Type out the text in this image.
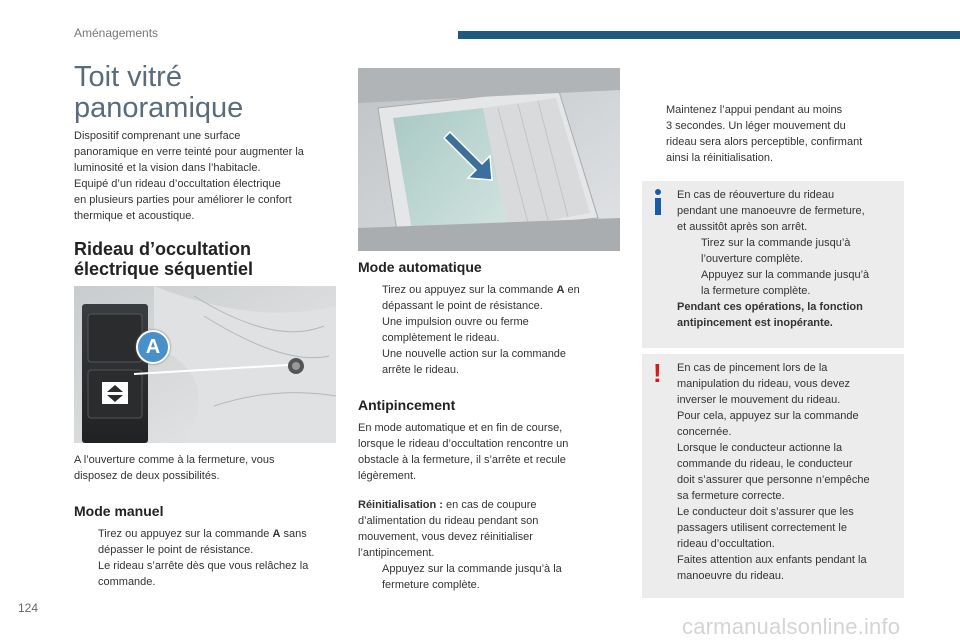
Aménagements
124
carmanualsonline.info
Toit vitré
panoramique

Dispositif comprenant une surface

panoramique en verre teinté pour augmenter la

luminosité et la vision dans l’habitacle.

Equipé d’un rideau d’occultation électrique

en plusieurs parties pour améliorer le confort

thermique et acoustique.

Rideau d’occultation
électrique séquentiel
A

A l’ouverture comme à la fermeture, vous

disposez de deux possibilités.

Mode manuel

Tirez ou appuyez sur la commande A sans

dépasser le point de résistance.

Le rideau s’arrête dès que vous relâchez la

commande.

Mode automatique

Tirez ou appuyez sur la commande A en

dépassant le point de résistance.

Une impulsion ouvre ou ferme

complètement le rideau.

Une nouvelle action sur la commande

arrête le rideau.

Antipincement

En mode automatique et en fin de course,

lorsque le rideau d’occultation rencontre un

obstacle à la fermeture, il s’arrête et recule

légèrement.

Réinitialisation : en cas de coupure

d’alimentation du rideau pendant son

mouvement, vous devez réinitialiser

l’antipincement.

Appuyez sur la commande jusqu’à la

fermeture complète.

Maintenez l’appui pendant au moins

3 secondes. Un léger mouvement du

rideau sera alors perceptible, confirmant

ainsi la réinitialisation.

En cas de réouverture du rideau

pendant une manoeuvre de fermeture,

et aussitôt après son arrêt.

Tirez sur la commande jusqu’à

l’ouverture complète.

Appuyez sur la commande jusqu’à

la fermeture complète.

Pendant ces opérations, la fonction

antipincement est inopérante.

! En cas de pincement lors de la

manipulation du rideau, vous devez

inverser le mouvement du rideau.

Pour cela, appuyez sur la commande

concernée.

Lorsque le conducteur actionne la

commande du rideau, le conducteur

doit s’assurer que personne n’empêche

sa fermeture correcte.

Le conducteur doit s’assurer que les

passagers utilisent correctement le

rideau d’occultation.

Faites attention aux enfants pendant la

manoeuvre du rideau.
